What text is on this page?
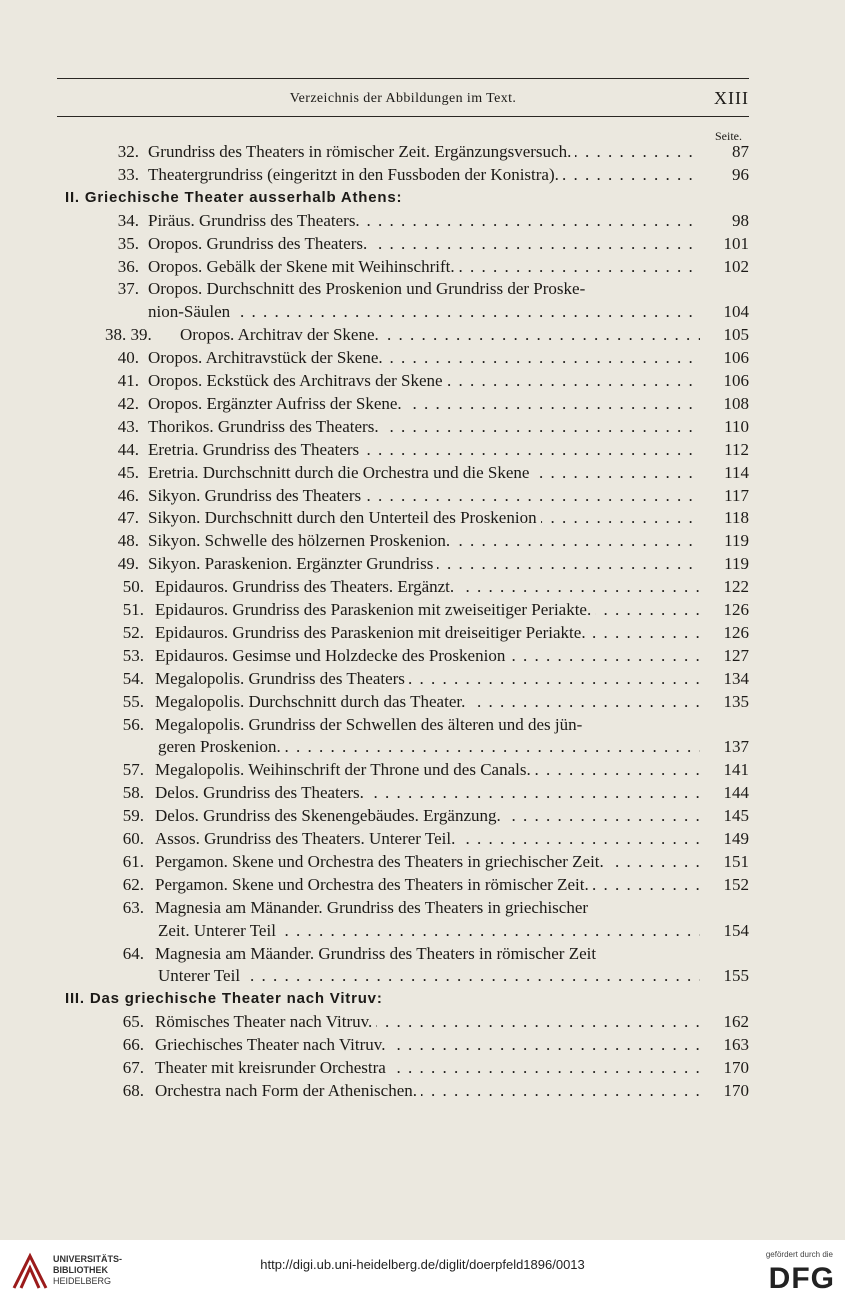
Verzeichnis der Abbildungen im Text.	XIII
Seite.
32. Grundriss des Theaters in römischer Zeit. Ergänzungsversuch. . . .	87
33. Theatergrundriss (eingeritzt in den Fussboden der Konistra). . . .	96
II. Griechische Theater ausserhalb Athens:
34. Piräus. Grundriss des Theaters. . . .	98
35. Oropos. Grundriss des Theaters. . . .	101
36. Oropos. Gebälk der Skene mit Weihinschrift. . . .	102
37. Oropos. Durchschnitt des Proskenion und Grundriss der Proske-
nion-Säulen . . .	104
38. 39.	Oropos. Architrav der Skene. . . .	105
40. Oropos. Architravstück der Skene. . . .	106
41. Oropos. Eckstück des Architravs der Skene . . .	106
42. Oropos. Ergänzter Aufriss der Skene. . . .	108
43. Thorikos. Grundriss des Theaters. . . .	110
44. Eretria. Grundriss des Theaters . . .	112
45. Eretria. Durchschnitt durch die Orchestra und die Skene . . .	114
46. Sikyon. Grundriss des Theaters . . .	117
47. Sikyon. Durchschnitt durch den Unterteil des Proskenion . . .	118
48. Sikyon. Schwelle des hölzernen Proskenion. . . .	119
49. Sikyon. Paraskenion. Ergänzter Grundriss . . .	119
50. Epidauros. Grundriss des Theaters. Ergänzt. . . .	122
51. Epidauros. Grundriss des Paraskenion mit zweiseitiger Periakte. . . .	126
52. Epidauros. Grundriss des Paraskenion mit dreiseitiger Periakte. . . .	126
53. Epidauros. Gesimse und Holzdecke des Proskenion . . .	127
54. Megalopolis. Grundriss des Theaters . . .	134
55. Megalopolis. Durchschnitt durch das Theater. . . .	135
56. Megalopolis. Grundriss der Schwellen des älteren und des jün-
geren Proskenion. . . .	137
57. Megalopolis. Weihinschrift der Throne und des Canals. . . .	141
58. Delos. Grundriss des Theaters. . . .	144
59. Delos. Grundriss des Skenengebäudes. Ergänzung. . . .	145
60. Assos. Grundriss des Theaters. Unterer Teil. . . .	149
61. Pergamon. Skene und Orchestra des Theaters in griechischer Zeit. . . .	151
62. Pergamon. Skene und Orchestra des Theaters in römischer Zeit. . . .	152
63. Magnesia am Mänander. Grundriss des Theaters in griechischer
Zeit. Unterer Teil . . .	154
64. Magnesia am Mäander. Grundriss des Theaters in römischer Zeit
Unterer Teil . . .	155
III. Das griechische Theater nach Vitruv:
65. Römisches Theater nach Vitruv. . . .	162
66. Griechisches Theater nach Vitruv. . . .	163
67. Theater mit kreisrunder Orchestra . . .	170
68. Orchestra nach Form der Athenischen. . . .	170
UNIVERSITÄTS-
BIBLIOTHEK
HEIDELBERG
http://digi.ub.uni-heidelberg.de/diglit/doerpfeld1896/0013
gefördert durch die
DFG
